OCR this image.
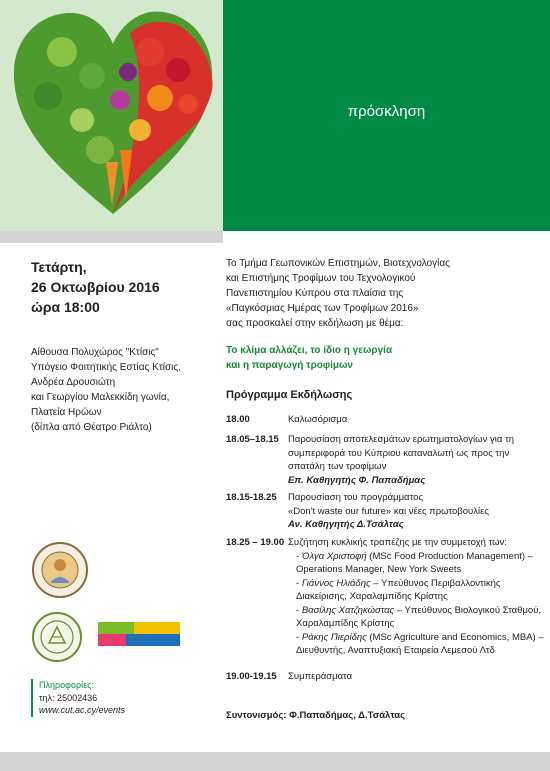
πρόσκληση
Τετάρτη,
26 Οκτωβρίου 2016
ώρα 18:00
Αίθουσα Πολυχώρος "Κτίσις"
Υπόγειο Φοιτητικής Εστίας Κτίσις,
Ανδρέα Δρουσιώτη
και Γεωργίου Μαλεκκίδη γωνία,
Πλατεία Ηρώων
(δίπλα από Θέατρο Ριάλτο)
Το Τμήμα Γεωπονικών Επιστημών, Βιοτεχνολογίας
και Επιστήμης Τροφίμων του Τεχνολογικού
Πανεπιστημίου Κύπρου στα πλαίσια της
«Παγκόσμιας Ημέρας των Τροφίμων 2016»
σας προσκαλεί στην εκδήλωση με θέμα:
Το κλίμα αλλάζει, το ίδιο η γεωργία
και η παραγωγή τροφίμων
Πρόγραμμα Εκδήλωσης
18.00	Καλωσόρισμα
18.05–18.15 Παρουσίαση αποτελεσμάτων ερωτηματολογίων για τη
συμπεριφορά του Κύπριου καταναλωτή ως προς την
σπατάλη των τροφίμων
Επ. Καθηγητής Φ. Παπαδήμας
18.15-18.25	Παρουσίαση του προγράμματος
«Don't waste our future» και νέες πρωτοβουλίες
Αν. Καθηγητής Δ.Τσάλτας
18.25 – 19.00 Συζήτηση κυκλικής τραπέζης με την συμμετοχή των:
- Όλγα Χριστοφή (MSc Food Production Management) –
Operations Manager, New York Sweets
- Γιάννος Ηλιάδης – Υπεύθυνος Περιβαλλοντικής
Διακείρισης, Χαραλαμπίδης Κρίστης
- Βασίλης Χατζηκώστας – Υπεύθυνος Βιολογικού Σταθμού,
Χαραλαμπίδης Κρίστης
- Ράκης Πιερίδης (MSc Agriculture and Economics, MBA) –
Διευθυντής, Αναπτυξιακή Εταιρεία Λεμεσού Λτδ
19.00-19.15	Συμπεράσματα
Συντονισμός: Φ.Παπαδήμας, Δ.Τσάλτας
Πληροφορίες:
τηλ: 25002436
www.cut.ac.cy/events
